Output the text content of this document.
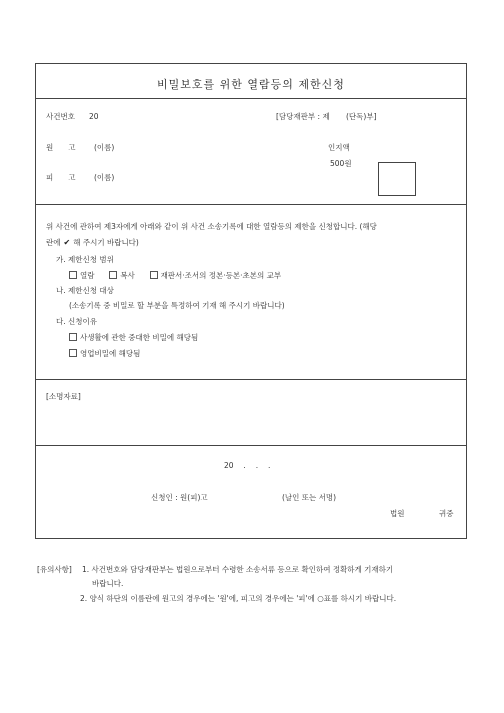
비밀보호를 위한 열람등의 제한신청
사건번호 20	[담당재판부 : 제 (단독)부]
원　　고 (이름)	인지액
500원
피　　고 (이름)
위 사건에 관하여 제3자에게 아래와 같이 위 사건 소송기록에 대한 열람등의 제한을 신청합니다. (해당
란에 ✔ 해 주시기 바랍니다)
가. 제한신청 범위
열람	복사	재판서·조서의 정본·등본·초본의 교부
나. 제한신청 대상
(소송기록 중 비밀로 할 부분을 특정하여 기재 해 주시기 바랍니다)
다. 신청이유
사생활에 관한 중대한 비밀에 해당됨
영업비밀에 해당됨
[소명자료]
20　 .　 .　 .
신청인 : 원(피)고	(날인 또는 서명)
법원	귀중
[유의사항] 1. 사건번호와 담당재판부는 법원으로부터 수령한 소송서류 등으로 확인하여 정확하게 기재하기
바랍니다.
2. 양식 하단의 이름란에 원고의 경우에는 '원'에, 피고의 경우에는 '피'에 ○표를 하시기 바랍니다.
